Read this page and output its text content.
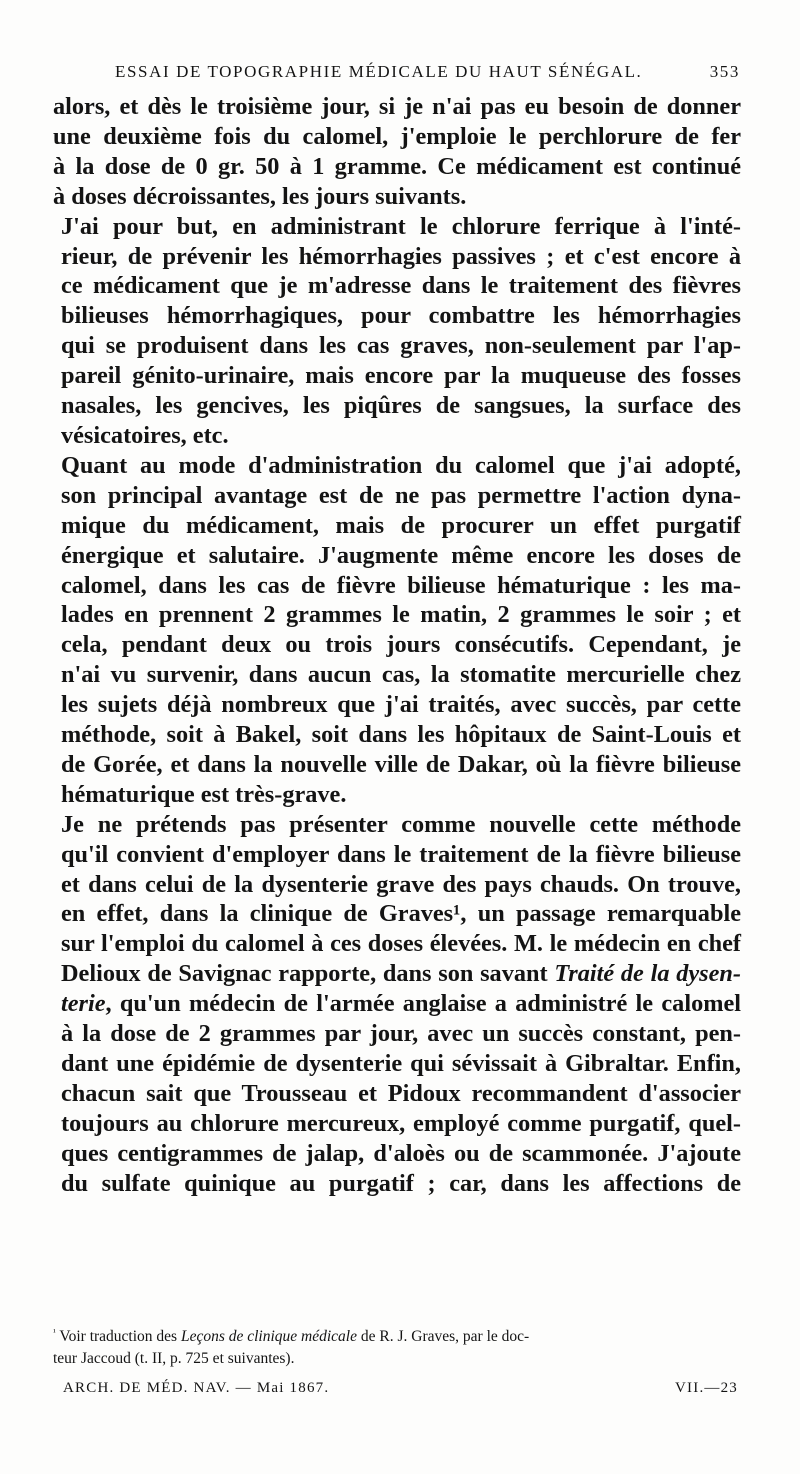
ESSAI DE TOPOGRAPHIE MÉDICALE DU HAUT SÉNÉGAL.	353

alors, et dès le troisième jour, si je n'ai pas eu besoin de donner
une deuxième fois du calomel, j'emploie le perchlorure de fer
à la dose de 0 gr. 50 à 1 gramme. Ce médicament est continué
à doses décroissantes, les jours suivants.

J'ai pour but, en administrant le chlorure ferrique à l'inté-
rieur, de prévenir les hémorrhagies passives ; et c'est encore à
ce médicament que je m'adresse dans le traitement des fièvres
bilieuses hémorrhagiques, pour combattre les hémorrhagies
qui se produisent dans les cas graves, non-seulement par l'ap-
pareil génito-urinaire, mais encore par la muqueuse des fosses
nasales, les gencives, les piqûres de sangsues, la surface des
vésicatoires, etc.

Quant au mode d'administration du calomel que j'ai adopté,
son principal avantage est de ne pas permettre l'action dyna-
mique du médicament, mais de procurer un effet purgatif
énergique et salutaire. J'augmente même encore les doses de
calomel, dans les cas de fièvre bilieuse hématurique : les ma-
lades en prennent 2 grammes le matin, 2 grammes le soir ; et
cela, pendant deux ou trois jours consécutifs. Cependant, je
n'ai vu survenir, dans aucun cas, la stomatite mercurielle chez
les sujets déjà nombreux que j'ai traités, avec succès, par cette
méthode, soit à Bakel, soit dans les hôpitaux de Saint-Louis et
de Gorée, et dans la nouvelle ville de Dakar, où la fièvre bilieuse
hématurique est très-grave.

Je ne prétends pas présenter comme nouvelle cette méthode
qu'il convient d'employer dans le traitement de la fièvre bilieuse
et dans celui de la dysenterie grave des pays chauds. On trouve,
en effet, dans la clinique de Graves¹, un passage remarquable
sur l'emploi du calomel à ces doses élevées. M. le médecin en chef
Delioux de Savignac rapporte, dans son savant Traité de la dysen-
terie, qu'un médecin de l'armée anglaise a administré le calomel
à la dose de 2 grammes par jour, avec un succès constant, pen-
dant une épidémie de dysenterie qui sévissait à Gibraltar. Enfin,
chacun sait que Trousseau et Pidoux recommandent d'associer
toujours au chlorure mercureux, employé comme purgatif, quel-
ques centigrammes de jalap, d'aloès ou de scammonée. J'ajoute
du sulfate quinique au purgatif ; car, dans les affections de

$^{^1}$ Voir traduction des Leçons de clinique médicale de R. J. Graves, par le doc-
teur Jaccoud (t. II, p. 725 et suivantes).
ARCH. DE MÉD. NAV. — Mai 1867.	VII.—23
